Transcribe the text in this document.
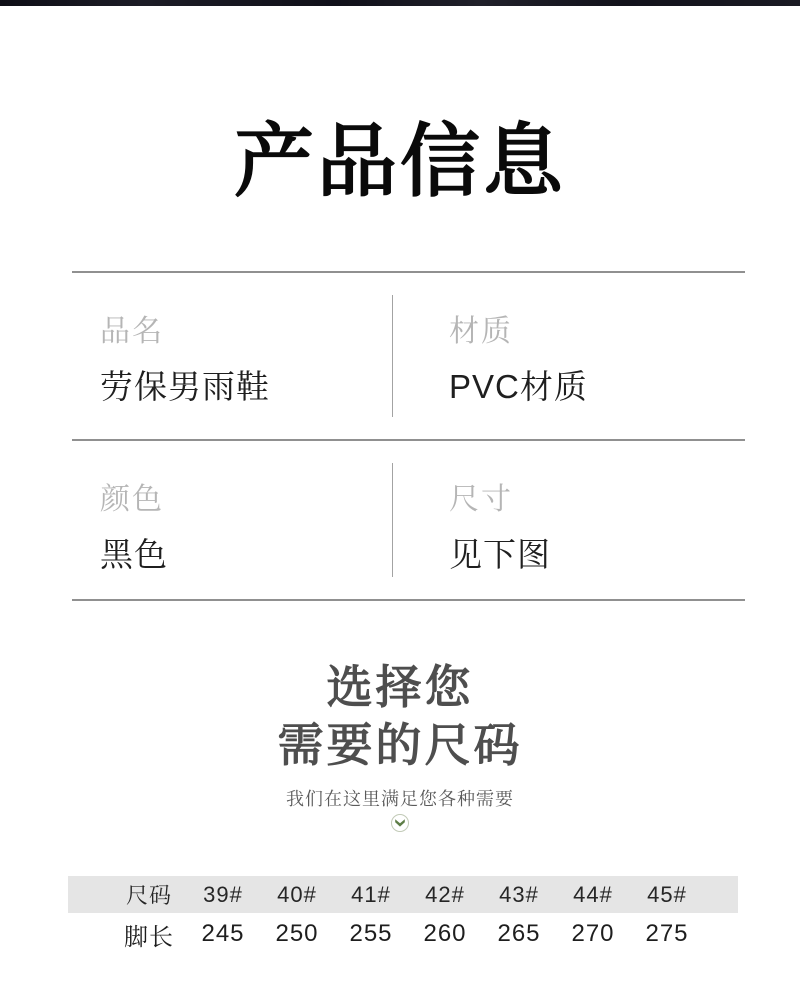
产品信息
品名
劳保男雨鞋
材质
PVC材质
颜色
黑色
尺寸
见下图
选择您
需要的尺码

我们在这里满足您各种需要

尺码	39#	40#	41#	42#	43#	44#	45#
脚长	245	250	255	260	265	270	275
